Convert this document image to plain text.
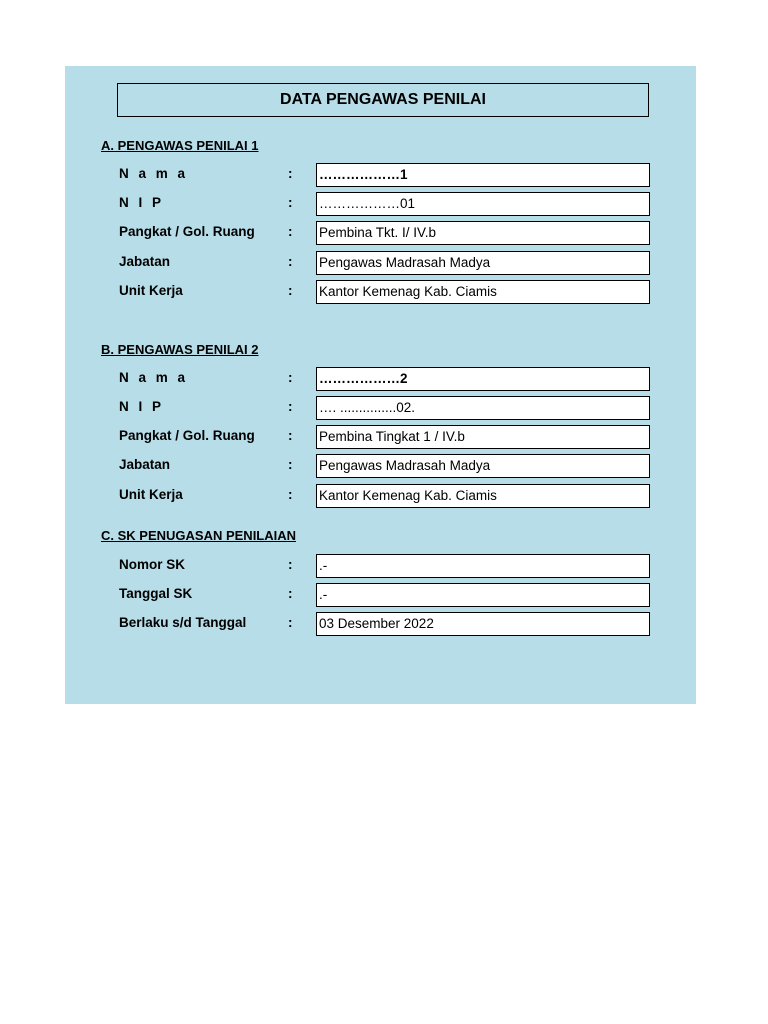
DATA PENGAWAS PENILAI
A. PENGAWAS PENILAI 1
N a m a	: ………………1
N I P	: ………………01
Pangkat / Gol. Ruang : Pembina Tkt. I/ IV.b
Jabatan	: Pengawas Madrasah Madya
Unit Kerja	: Kantor Kemenag Kab. Ciamis
B. PENGAWAS PENILAI 2
N a m a	: ………………2
N I P	: …. ...............02.
Pangkat / Gol. Ruang : Pembina Tingkat 1 / IV.b
Jabatan	: Pengawas Madrasah Madya
Unit Kerja	: Kantor Kemenag Kab. Ciamis
C. SK PENUGASAN PENILAIAN
Nomor SK	: .-
Tanggal SK	: .-
Berlaku s/d Tanggal	: 03 Desember 2022
